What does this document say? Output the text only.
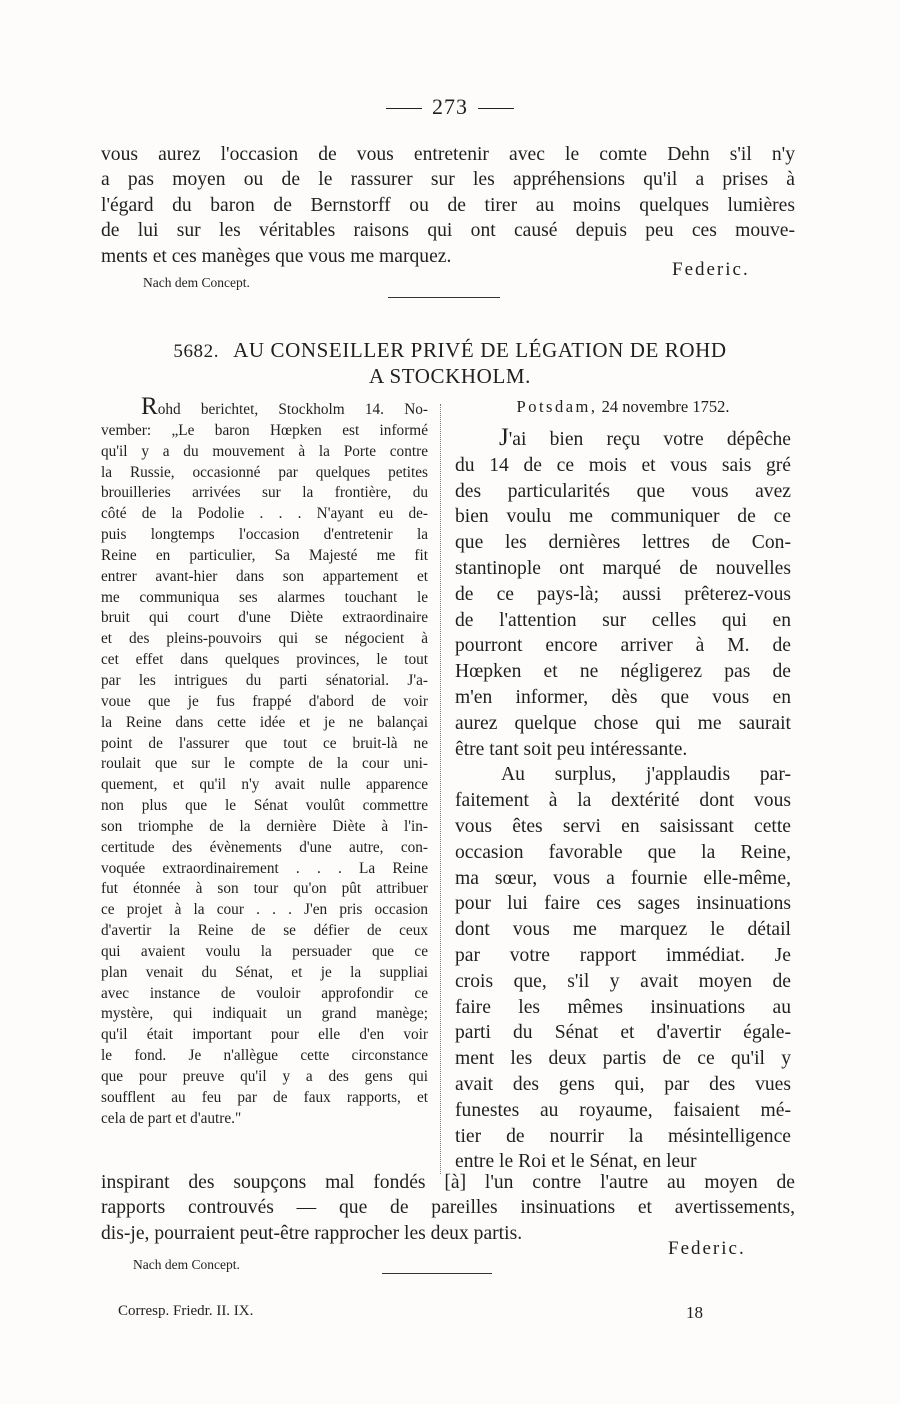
273
vous aurez l'occasion de vous entretenir avec le comte Dehn s'il n'y
a pas moyen ou de le rassurer sur les appréhensions qu'il a prises à
l'égard du baron de Bernstorff ou de tirer au moins quelques lumières
de lui sur les véritables raisons qui ont causé depuis peu ces mouve-
ments et ces manèges que vous me marquez.
Federic.
Nach dem Concept.
5682. AU CONSEILLER PRIVÉ DE LÉGATION DE ROHD
A STOCKHOLM.
Rohd berichtet, Stockholm 14. No-
vember: „Le baron Hœpken est informé
qu'il y a du mouvement à la Porte contre
la Russie, occasionné par quelques petites
brouilleries arrivées sur la frontière, du
côté de la Podolie . . . N'ayant eu de-
puis longtemps l'occasion d'entretenir la
Reine en particulier, Sa Majesté me fit
entrer avant-hier dans son appartement et
me communiqua ses alarmes touchant le
bruit qui court d'une Diète extraordinaire
et des pleins-pouvoirs qui se négocient à
cet effet dans quelques provinces, le tout
par les intrigues du parti sénatorial. J'a-
voue que je fus frappé d'abord de voir
la Reine dans cette idée et je ne balançai
point de l'assurer que tout ce bruit-là ne
roulait que sur le compte de la cour uni-
quement, et qu'il n'y avait nulle apparence
non plus que le Sénat voulût commettre
son triomphe de la dernière Diète à l'in-
certitude des évènements d'une autre, con-
voquée extraordinairement . . . La Reine
fut étonnée à son tour qu'on pût attribuer
ce projet à la cour . . . J'en pris occasion
d'avertir la Reine de se défier de ceux
qui avaient voulu la persuader que ce
plan venait du Sénat, et je la suppliai
avec instance de vouloir approfondir ce
mystère, qui indiquait un grand manège;
qu'il était important pour elle d'en voir
le fond. Je n'allègue cette circonstance
que pour preuve qu'il y a des gens qui
soufflent au feu par de faux rapports, et
cela de part et d'autre."
Potsdam, 24 novembre 1752.
J'ai bien reçu votre dépêche
du 14 de ce mois et vous sais gré
des particularités que vous avez
bien voulu me communiquer de ce
que les dernières lettres de Con-
stantinople ont marqué de nouvelles
de ce pays-là; aussi prêterez-vous
de l'attention sur celles qui en
pourront encore arriver à M. de
Hœpken et ne négligerez pas de
m'en informer, dès que vous en
aurez quelque chose qui me saurait
être tant soit peu intéressante.
Au surplus, j'applaudis par-
faitement à la dextérité dont vous
vous êtes servi en saisissant cette
occasion favorable que la Reine,
ma sœur, vous a fournie elle-même,
pour lui faire ces sages insinuations
dont vous me marquez le détail
par votre rapport immédiat. Je
crois que, s'il y avait moyen de
faire les mêmes insinuations au
parti du Sénat et d'avertir égale-
ment les deux partis de ce qu'il y
avait des gens qui, par des vues
funestes au royaume, faisaient mé-
tier de nourrir la mésintelligence
entre le Roi et le Sénat, en leur
inspirant des soupçons mal fondés [à] l'un contre l'autre au moyen de
rapports controuvés — que de pareilles insinuations et avertissements,
dis-je, pourraient peut-être rapprocher les deux partis.
Federic.
Nach dem Concept.
Corresp. Friedr. II. IX.	18
